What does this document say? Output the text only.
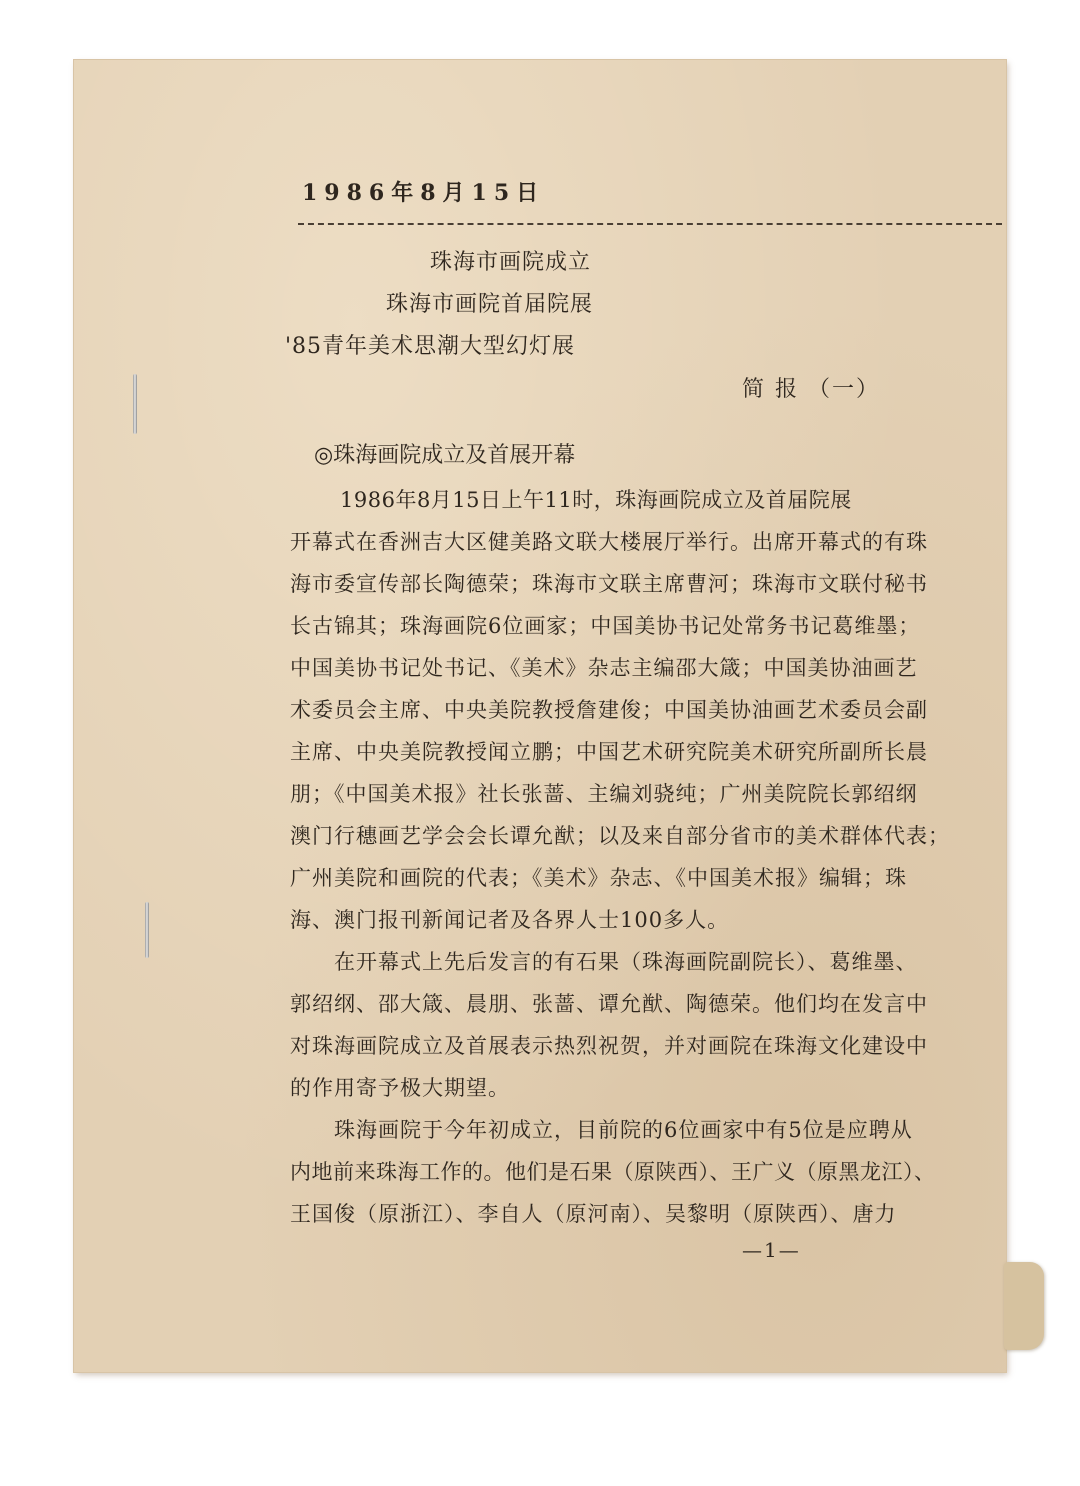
1986年8月15日
珠海市画院成立
珠海市画院首届院展
'85青年美术思潮大型幻灯展
简 报 （一）
◎珠海画院成立及首展开幕
1986年8月15日上午11时，珠海画院成立及首届院展
开幕式在香洲吉大区健美路文联大楼展厅举行。出席开幕式的有珠
海市委宣传部长陶德荣；珠海市文联主席曹河；珠海市文联付秘书
长古锦其；珠海画院6位画家；中国美协书记处常务书记葛维墨；
中国美协书记处书记、《美术》杂志主编邵大箴；中国美协油画艺
术委员会主席、中央美院教授詹建俊；中国美协油画艺术委员会副
主席、中央美院教授闻立鹏；中国艺术研究院美术研究所副所长晨
朋；《中国美术报》社长张蔷、主编刘骁纯；广州美院院长郭绍纲
澳门行穗画艺学会会长谭允猷；以及来自部分省市的美术群体代表；
广州美院和画院的代表；《美术》杂志、《中国美术报》编辑；珠
海、澳门报刊新闻记者及各界人士100多人。
在开幕式上先后发言的有石果（珠海画院副院长）、葛维墨、
郭绍纲、邵大箴、晨朋、张蔷、谭允猷、陶德荣。他们均在发言中
对珠海画院成立及首展表示热烈祝贺，并对画院在珠海文化建设中
的作用寄予极大期望。
珠海画院于今年初成立，目前院的6位画家中有5位是应聘从
内地前来珠海工作的。他们是石果（原陕西）、王广义（原黑龙江）、
王国俊（原浙江）、李自人（原河南）、吴黎明（原陕西）、唐力
—1—
